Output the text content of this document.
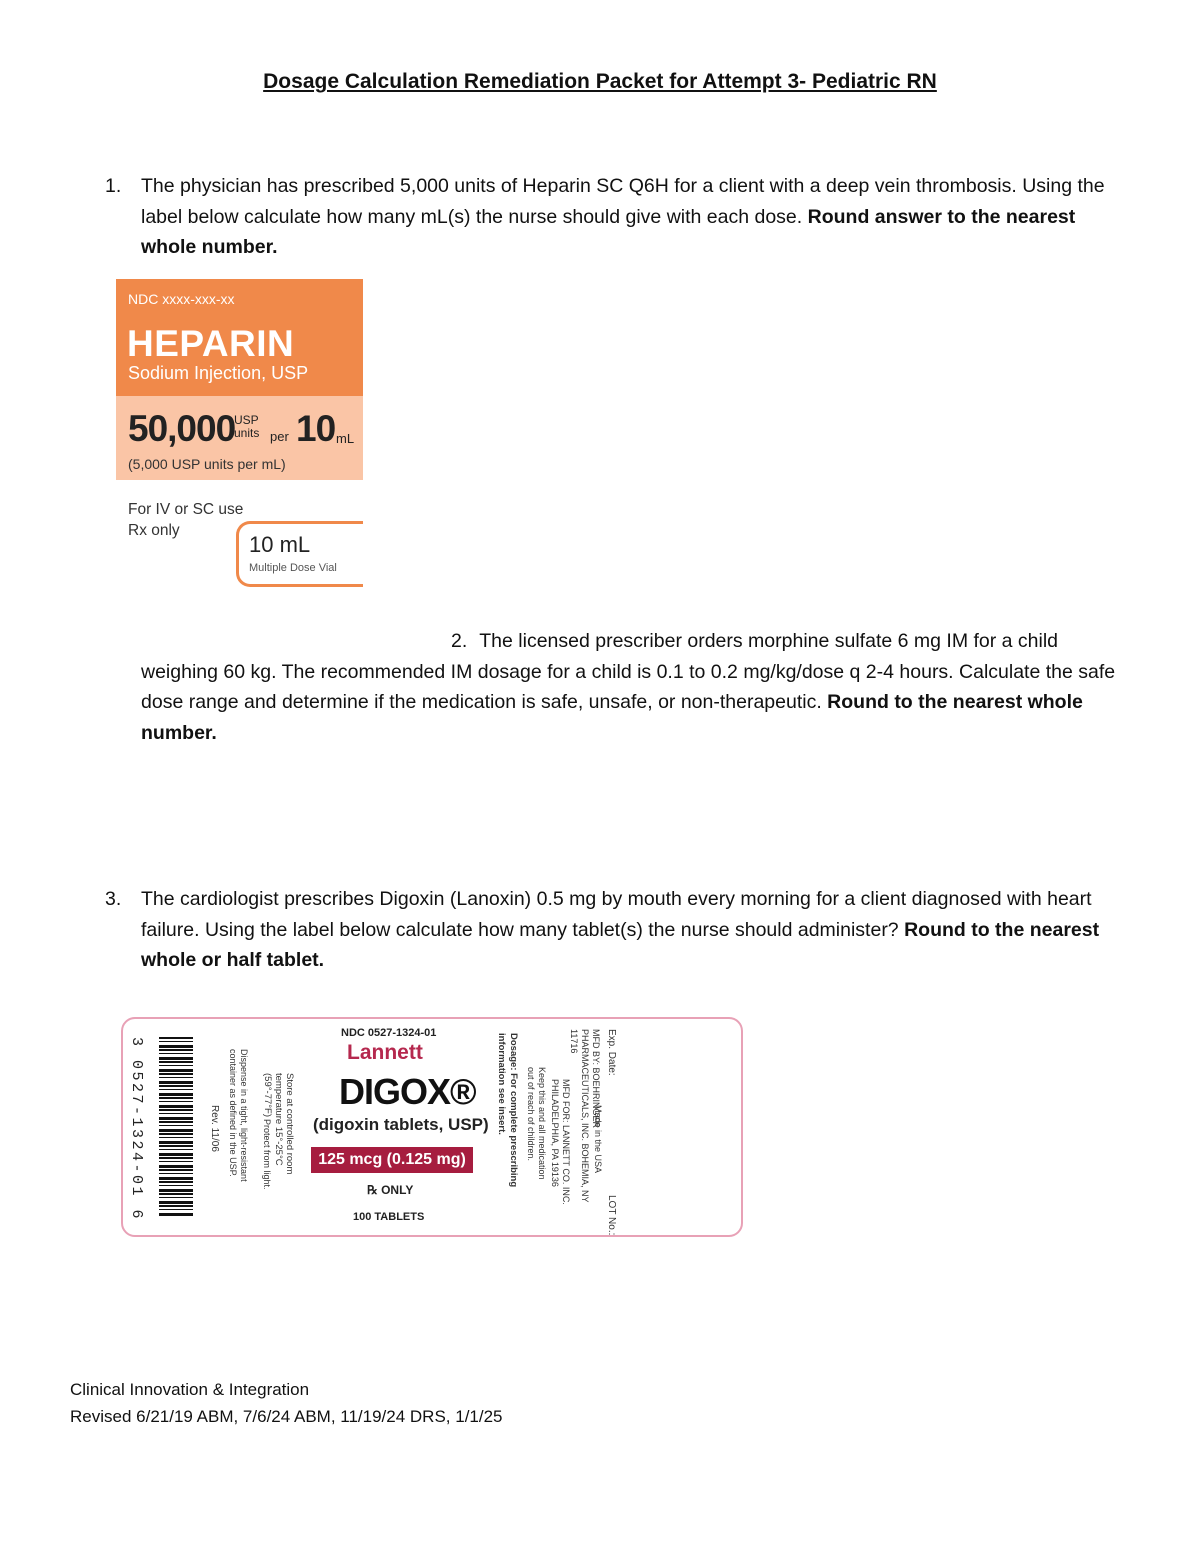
Dosage Calculation Remediation Packet for Attempt 3- Pediatric RN
1. The physician has prescribed 5,000 units of Heparin SC Q6H for a client with a deep vein thrombosis. Using the label below calculate how many mL(s) the nurse should give with each dose. Round answer to the nearest whole number.
NDC xxxx-xxx-xx
HEPARIN
Sodium Injection, USP
50,000
USP
units per 10 mL
(5,000 USP units per mL)
For IV or SC use
Rx only
10 mL
Multiple Dose Vial
2. The licensed prescriber orders morphine sulfate 6 mg IM for a child weighing 60 kg. The recommended IM dosage for a child is 0.1 to 0.2 mg/kg/dose q 2-4 hours. Calculate the safe dose range and determine if the medication is safe, unsafe, or non-therapeutic. Round to the nearest whole number.
3. The cardiologist prescribes Digoxin (Lanoxin) 0.5 mg by mouth every morning for a client diagnosed with heart failure. Using the label below calculate how many tablet(s) the nurse should administer? Round to the nearest whole or half tablet.
3 0527-1324-01 6	Rev. 11/06	Dispense in a tight, light-resistant container as defined in the USP.	Store at controlled room temperature 15°-25°C (59°-77°F)
Protect from light.
NDC 0527-1324-01
Lannett
DIGOX®
(digoxin tablets, USP)
125 mcg (0.125 mg)
℞ ONLY
100 TABLETS
Dosage: For complete prescribing information see insert.	Keep this and all medication out of reach of children.	MFD FOR: LANNETT CO. INC. PHILADELPHIA, PA 19136
MFD BY: BOEHRINGER PHARMACEUTICALS, INC. BOHEMIA, NY 11716
Made in the USA
Exp. Date:
LOT No.:
Clinical Innovation & Integration
Revised 6/21/19 ABM, 7/6/24 ABM, 11/19/24 DRS, 1/1/25
